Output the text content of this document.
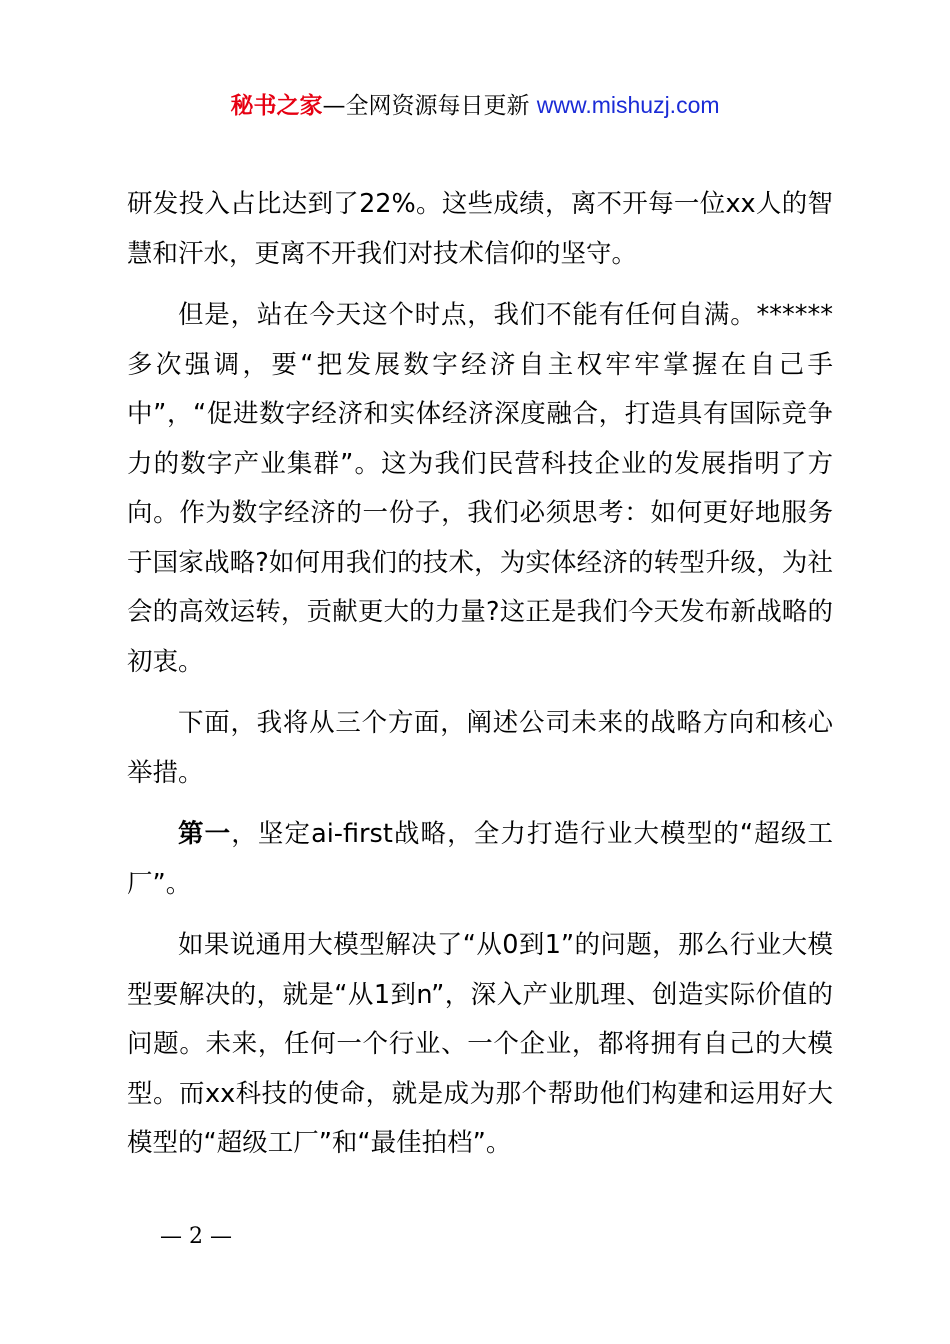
秘书之家—全网资源每日更新 www.mishuzj.com

研发投入占比达到了22%。这些成绩，离不开每一位xx人的智慧和汗水，更离不开我们对技术信仰的坚守。

但是，站在今天这个时点，我们不能有任何自满。******多次强调，要“把发展数字经济自主权牢牢掌握在自己手中”，“促进数字经济和实体经济深度融合，打造具有国际竞争力的数字产业集群”。这为我们民营科技企业的发展指明了方向。作为数字经济的一份子，我们必须思考：如何更好地服务于国家战略?如何用我们的技术，为实体经济的转型升级，为社会的高效运转，贡献更大的力量?这正是我们今天发布新战略的初衷。

下面，我将从三个方面，阐述公司未来的战略方向和核心举措。

第一，坚定ai-first战略，全力打造行业大模型的“超级工厂”。

如果说通用大模型解决了“从0到1”的问题，那么行业大模型要解决的，就是“从1到n”，深入产业肌理、创造实际价值的问题。未来，任何一个行业、一个企业，都将拥有自己的大模型。而xx科技的使命，就是成为那个帮助他们构建和运用好大模型的“超级工厂”和“最佳拍档”。

— 2 —
